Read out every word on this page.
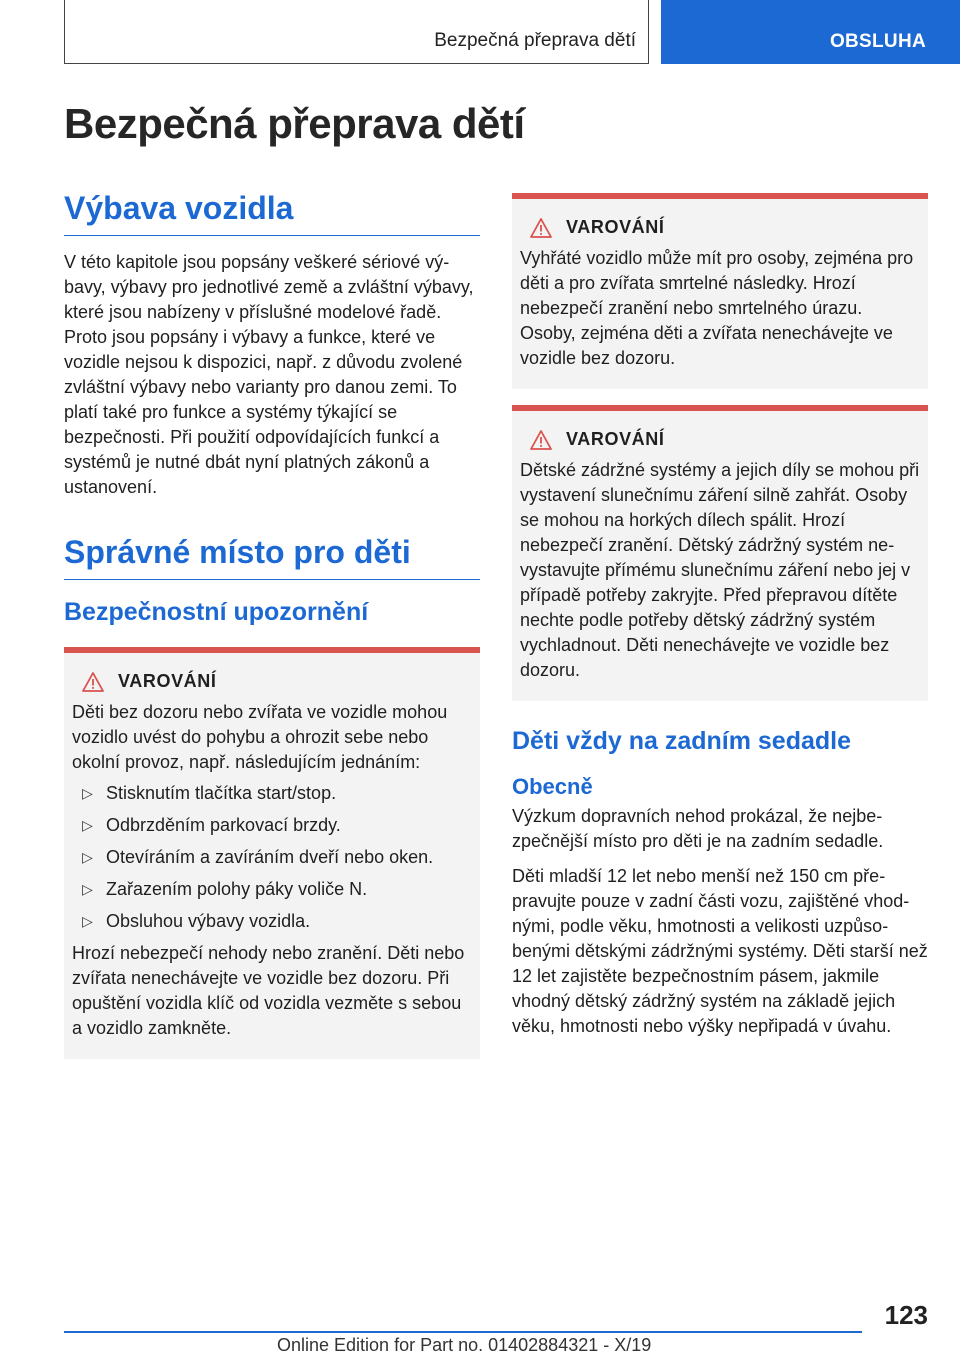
Bezpečná přeprava dětí	OBSLUHA
Bezpečná přeprava dětí
Výbava vozidla

V této kapitole jsou popsány veškeré sériové výbavy, výbavy pro jednotlivé země a zvláštní výbavy, které jsou nabízeny v příslušné modelové řadě. Proto jsou popsány i výbavy a funkce, které ve vozidle nejsou k dispozici, např. z důvodu zvolené zvláštní výbavy nebo varianty pro danou zemi. To platí také pro funkce a systémy týkající se bezpečnosti. Při použití odpovídajících funkcí a systémů je nutné dbát nyní platných zákonů a ustanovení.

Správné místo pro děti
Bezpečnostní upozornění
VAROVÁNÍ

Děti bez dozoru nebo zvířata ve vozidle mohou vozidlo uvést do pohybu a ohrozit sebe nebo okolní provoz, např. následujícím jednáním:

▷ Stisknutím tlačítka start/stop.
▷ Odbrzděním parkovací brzdy.
▷ Otevíráním a zavíráním dveří nebo oken.
▷ Zařazením polohy páky voliče N.
▷ Obsluhou výbavy vozidla.

Hrozí nebezpečí nehody nebo zranění. Děti nebo zvířata nenechávejte ve vozidle bez dozoru. Při opuštění vozidla klíč od vozidla vezměte s sebou a vozidlo zamkněte.

VAROVÁNÍ

Vyhřáté vozidlo může mít pro osoby, zejména pro děti a pro zvířata smrtelné následky. Hrozí nebezpečí zranění nebo smrtelného úrazu. Osoby, zejména děti a zvířata nenechávejte ve vozidle bez dozoru.

VAROVÁNÍ

Dětské zádržné systémy a jejich díly se mohou při vystavení slunečnímu záření silně zahřát. Osoby se mohou na horkých dílech spálit. Hrozí nebezpečí zranění. Dětský zádržný systém nevystavujte přímému slunečnímu záření nebo jej v případě potřeby zakryjte. Před přepravou dítěte nechte podle potřeby dětský zádržný systém vychladnout. Děti nenechávejte ve vozidle bez dozoru.

Děti vždy na zadním sedadle
Obecně

Výzkum dopravních nehod prokázal, že nejbezpečnější místo pro děti je na zadním sedadle.

Děti mladší 12 let nebo menší než 150 cm přepravujte pouze v zadní části vozu, zajištěné vhodnými, podle věku, hmotnosti a velikosti uzpůsobenými dětskými zádržnými systémy. Děti starší než 12 let zajistěte bezpečnostním pásem, jakmile vhodný dětský zádržný systém na základě jejich věku, hmotnosti nebo výšky nepřipadá v úvahu.

123
Online Edition for Part no. 01402884321 - X/19
